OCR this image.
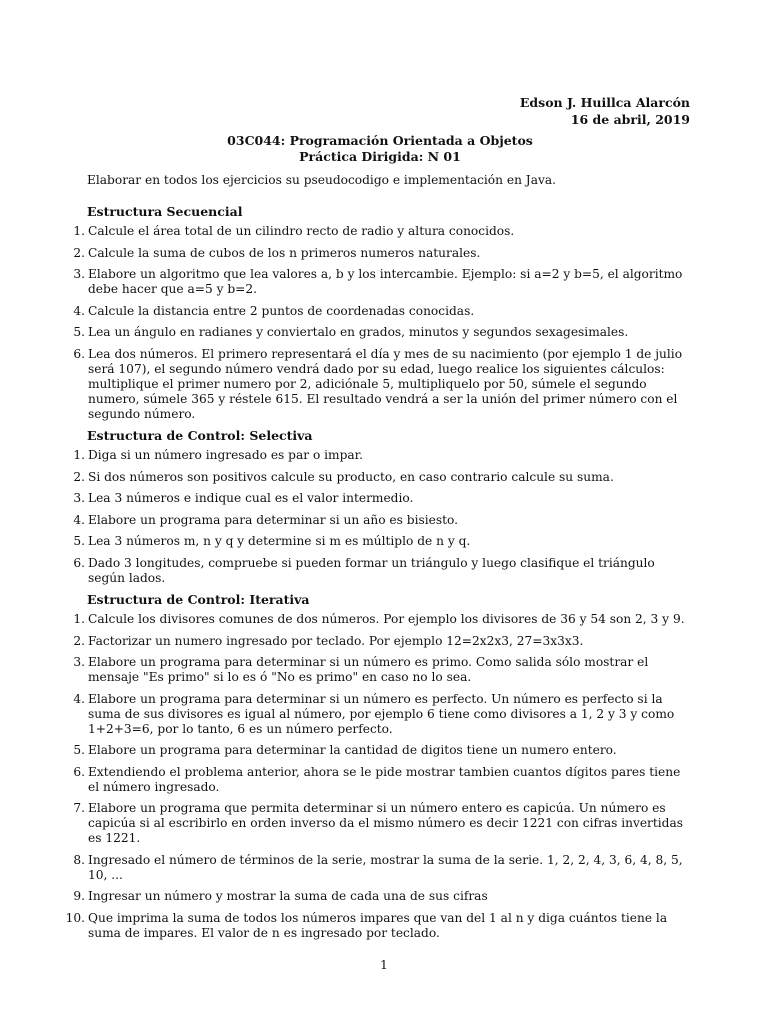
Edson J. Huillca Alarcón
16 de abril, 2019
03C044: Programación Orientada a Objetos
Práctica Dirigida: N 01
Elaborar en todos los ejercicios su pseudocodigo e implementación en Java.
Estructura Secuencial
1. Calcule el área total de un cilindro recto de radio y altura conocidos.
2. Calcule la suma de cubos de los n primeros numeros naturales.
3. Elabore un algoritmo que lea valores a, b y los intercambie. Ejemplo: si a=2 y b=5, el algoritmo debe hacer que a=5 y b=2.
4. Calcule la distancia entre 2 puntos de coordenadas conocidas.
5. Lea un ángulo en radianes y conviertalo en grados, minutos y segundos sexagesimales.
6. Lea dos números. El primero representará el día y mes de su nacimiento (por ejemplo 1 de julio será 107), el segundo número vendrá dado por su edad, luego realice los siguientes cálculos: multiplique el primer numero por 2, adiciónale 5, multipliquelo por 50, súmele el segundo numero, súmele 365 y réstele 615. El resultado vendrá a ser la unión del primer número con el segundo número.
Estructura de Control: Selectiva
1. Diga si un número ingresado es par o impar.
2. Si dos números son positivos calcule su producto, en caso contrario calcule su suma.
3. Lea 3 números e indique cual es el valor intermedio.
4. Elabore un programa para determinar si un año es bisiesto.
5. Lea 3 números m, n y q y determine si m es múltiplo de n y q.
6. Dado 3 longitudes, compruebe si pueden formar un triángulo y luego clasifique el triángulo según lados.
Estructura de Control: Iterativa
1. Calcule los divisores comunes de dos números. Por ejemplo los divisores de 36 y 54 son 2, 3 y 9.
2. Factorizar un numero ingresado por teclado. Por ejemplo 12=2x2x3, 27=3x3x3.
3. Elabore un programa para determinar si un número es primo. Como salida sólo mostrar el mensaje "Es primo" si lo es ó "No es primo" en caso no lo sea.
4. Elabore un programa para determinar si un número es perfecto. Un número es perfecto si la suma de sus divisores es igual al número, por ejemplo 6 tiene como divisores a 1, 2 y 3 y como 1+2+3=6, por lo tanto, 6 es un número perfecto.
5. Elabore un programa para determinar la cantidad de digitos tiene un numero entero.
6. Extendiendo el problema anterior, ahora se le pide mostrar tambien cuantos dígitos pares tiene el número ingresado.
7. Elabore un programa que permita determinar si un número entero es capicúa. Un número es capicúa si al escribirlo en orden inverso da el mismo número es decir 1221 con cifras invertidas es 1221.
8. Ingresado el número de términos de la serie, mostrar la suma de la serie. 1, 2, 2, 4, 3, 6, 4, 8, 5, 10, ...
9. Ingresar un número y mostrar la suma de cada una de sus cifras
10. Que imprima la suma de todos los números impares que van del 1 al n y diga cuántos tiene la suma de impares. El valor de n es ingresado por teclado.
1
